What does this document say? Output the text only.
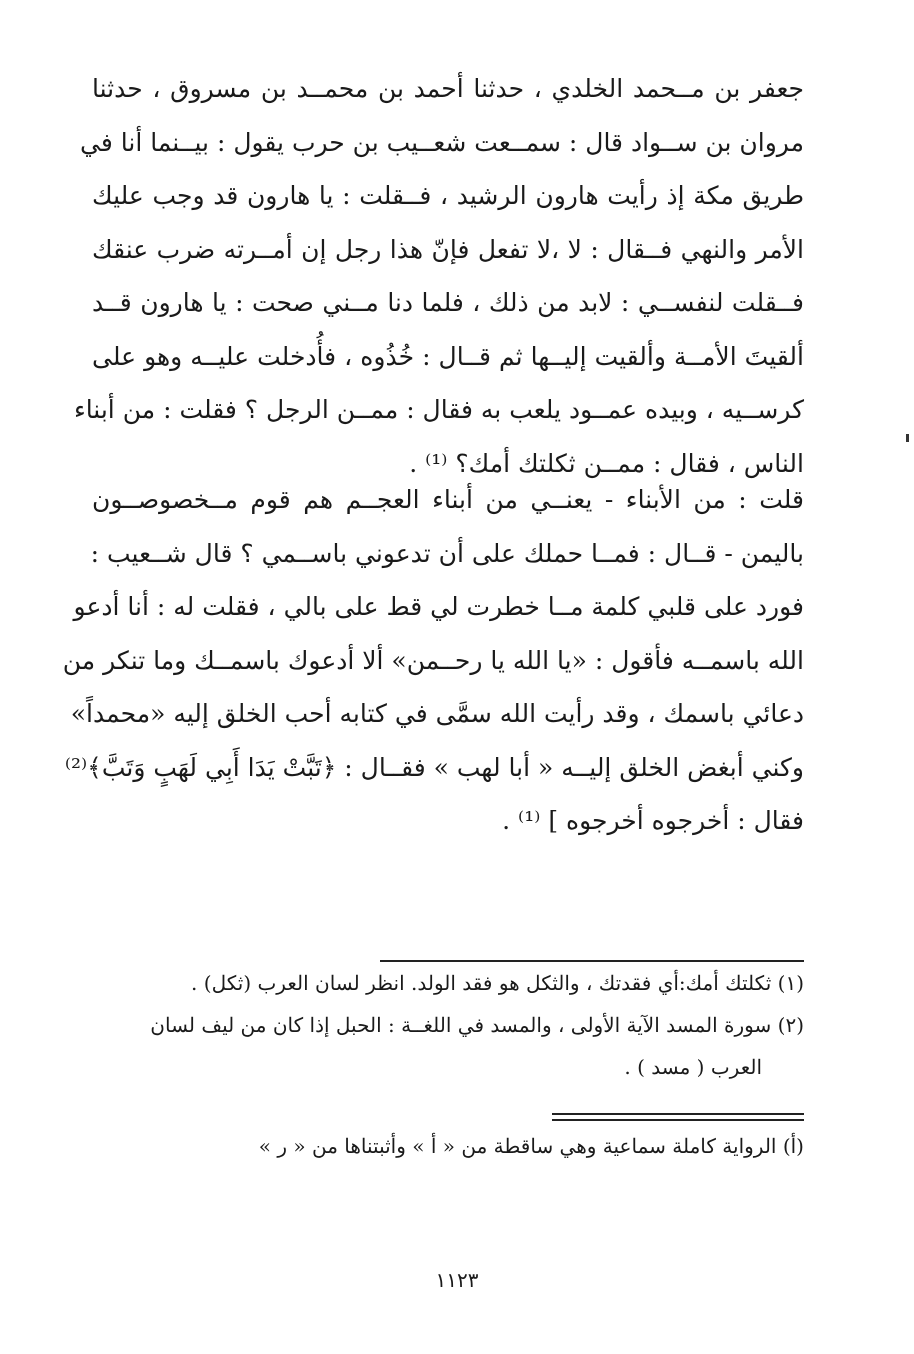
جعفر بن مــحمد الخلدي ، حدثنا أحمد بن محمــد بن مسروق ، حدثنا
مروان بن ســواد قال : سمــعت شعــيب بن حرب يقول : بيــنما أنا في
طريق مكة إذ رأيت هارون الرشيد ، فــقلت : يا هارون قد وجب عليك
الأمر والنهي فــقال : لا ،لا تفعل فإنّ هذا رجل إن أمــرته ضرب عنقك
فــقلت لنفســي : لابد من ذلك ، فلما دنا مــني صحت : يا هارون قــد
ألقيتَ الأمــة وألقيت إليــها ثم قــال : خُذُوه ، فأُدخلت عليــه وهو على
كرســيه ، وبيده عمــود يلعب به فقال : ممــن الرجل ؟ فقلت : من أبناء
الناس ، فقال : ممــن ثكلتك أمك؟ ⁽¹⁾ .
قلت : من الأبناء - يعنــي من أبناء العجــم هم قوم مــخصوصــون
باليمن - قــال : فمــا حملك على أن تدعوني باســمي ؟ قال شــعيب :
فورد على قلبي كلمة مــا خطرت لي قط على بالي ، فقلت له : أنا أدعو
الله باسمــه فأقول : «يا الله يا رحــمن» ألا أدعوك باسمــك وما تنكر من
دعائي باسمك ، وقد رأيت الله سمَّى في كتابه أحب الخلق إليه «محمداً»
وكني أبغض الخلق إليــه « أبا لهب » فقــال : ﴿تَبَّتْ يَدَا أَبِي لَهَبٍ وَتَبَّ﴾⁽²⁾
فقال : أخرجوه أخرجوه ] ⁽¹⁾ .
(١) ثكلتك أمك:أي فقدتك ، والثكل هو فقد الولد. انظر لسان العرب (ثكل) .
(٢) سورة المسد الآية الأولى ، والمسد في اللغــة : الحبل إذا كان من ليف لسان
العرب ( مسد ) .
(أ) الرواية كاملة سماعية وهي ساقطة من « أ » وأثبتناها من « ر »
١١٢٣
